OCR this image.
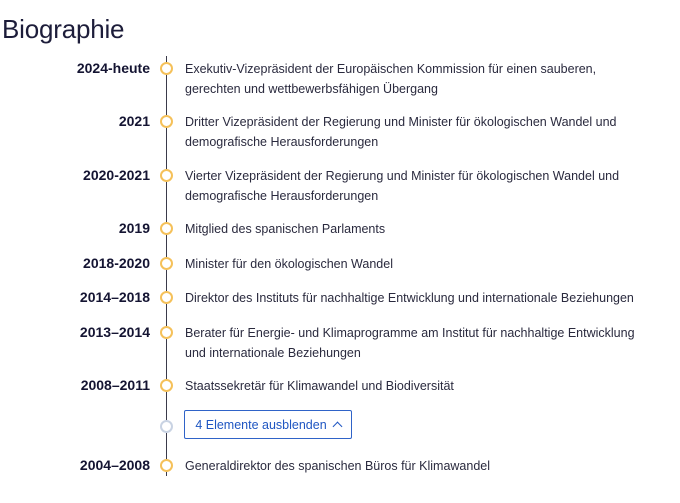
Biographie
2024-heute	Exekutiv-Vizepräsident der Europäischen Kommission für einen sauberen, gerechten und wettbewerbsfähigen Übergang
2021	Dritter Vizepräsident der Regierung und Minister für ökologischen Wandel und demografische Herausforderungen
2020-2021	Vierter Vizepräsident der Regierung und Minister für ökologischen Wandel und demografische Herausforderungen
2019	Mitglied des spanischen Parlaments
2018-2020	Minister für den ökologischen Wandel
2014–2018	Direktor des Instituts für nachhaltige Entwicklung und internationale Beziehungen
2013–2014	Berater für Energie- und Klimaprogramme am Institut für nachhaltige Entwicklung und internationale Beziehungen
2008–2011	Staatssekretär für Klimawandel und Biodiversität
4 Elemente ausblenden
2004–2008	Generaldirektor des spanischen Büros für Klimawandel
